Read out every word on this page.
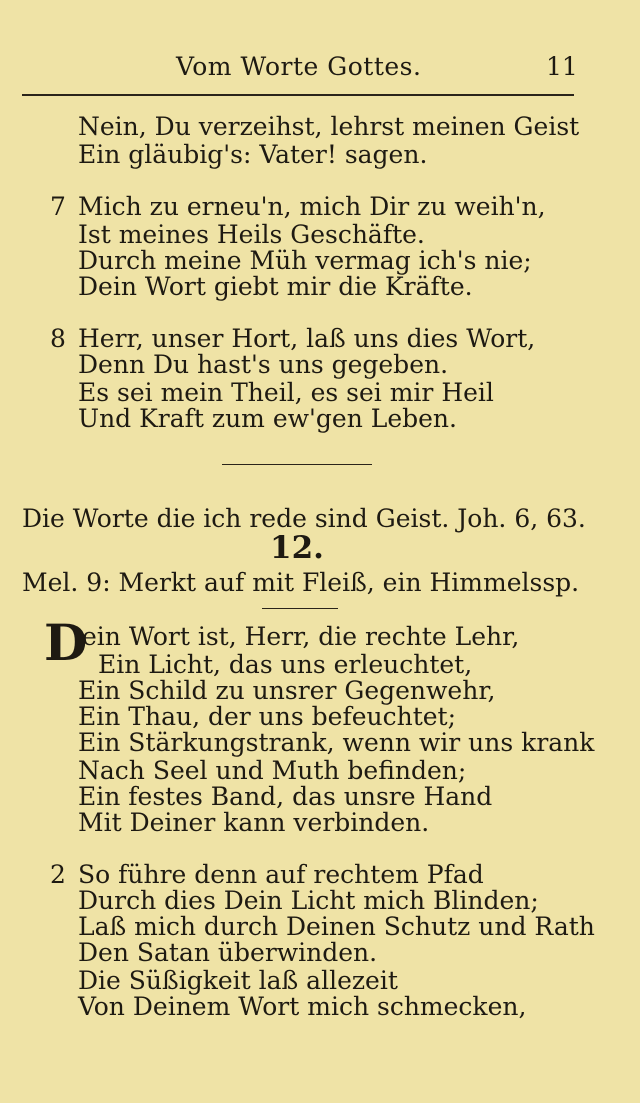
Vom Worte Gottes.	11
Nein, Du verzeihst, lehrst meinen Geist
Ein gläubig's: Vater! sagen.
7 Mich zu erneu'n, mich Dir zu weih'n,
Ist meines Heils Geschäfte.
Durch meine Müh vermag ich's nie;
Dein Wort giebt mir die Kräfte.
8 Herr, unser Hort, laß uns dies Wort,
Denn Du hast's uns gegeben.
Es sei mein Theil, es sei mir Heil
Und Kraft zum ew'gen Leben.
Die Worte die ich rede sind Geist. Joh. 6, 63.
12.
Mel. 9: Merkt auf mit Fleiß, ein Himmelssp.
D
ein Wort ist, Herr, die rechte Lehr,
Ein Licht, das uns erleuchtet,
Ein Schild zu unsrer Gegenwehr,
Ein Thau, der uns befeuchtet;
Ein Stärkungstrank, wenn wir uns krank
Nach Seel und Muth befinden;
Ein festes Band, das unsre Hand
Mit Deiner kann verbinden.
2 So führe denn auf rechtem Pfad
Durch dies Dein Licht mich Blinden;
Laß mich durch Deinen Schutz und Rath
Den Satan überwinden.
Die Süßigkeit laß allezeit
Von Deinem Wort mich schmecken,
